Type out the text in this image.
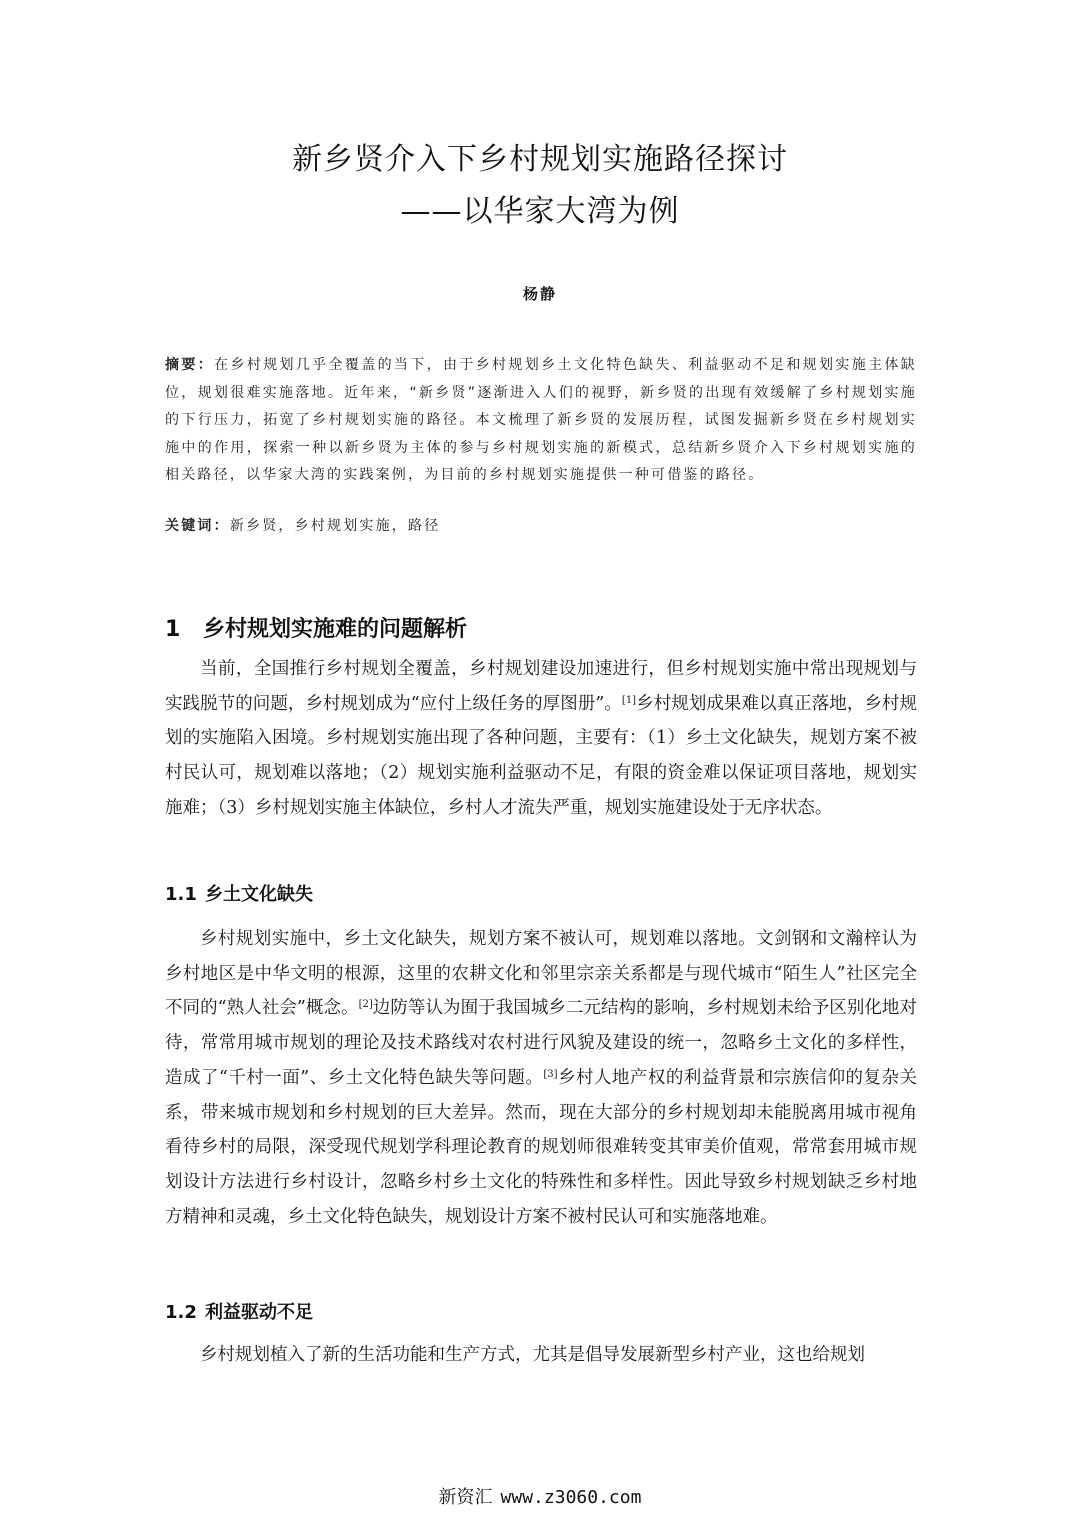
新乡贤介入下乡村规划实施路径探讨
——以华家大湾为例
杨静

摘要：在乡村规划几乎全覆盖的当下，由于乡村规划乡土文化特色缺失、利益驱动不足和规划实施主体缺位，规划很难实施落地。近年来，“新乡贤”逐渐进入人们的视野，新乡贤的出现有效缓解了乡村规划实施的下行压力，拓宽了乡村规划实施的路径。本文梳理了新乡贤的发展历程，试图发掘新乡贤在乡村规划实施中的作用，探索一种以新乡贤为主体的参与乡村规划实施的新模式，总结新乡贤介入下乡村规划实施的相关路径，以华家大湾的实践案例，为目前的乡村规划实施提供一种可借鉴的路径。

关键词：新乡贤，乡村规划实施，路径

1 乡村规划实施难的问题解析

当前，全国推行乡村规划全覆盖，乡村规划建设加速进行，但乡村规划实施中常出现规划与实践脱节的问题，乡村规划成为“应付上级任务的厚图册”。[1]乡村规划成果难以真正落地，乡村规划的实施陷入困境。乡村规划实施出现了各种问题，主要有：（1）乡土文化缺失，规划方案不被村民认可，规划难以落地；（2）规划实施利益驱动不足，有限的资金难以保证项目落地，规划实施难；（3）乡村规划实施主体缺位，乡村人才流失严重，规划实施建设处于无序状态。

1.1 乡土文化缺失

乡村规划实施中，乡土文化缺失，规划方案不被认可，规划难以落地。文剑钢和文瀚梓认为乡村地区是中华文明的根源，这里的农耕文化和邻里宗亲关系都是与现代城市“陌生人”社区完全不同的“熟人社会”概念。[2]边防等认为囿于我国城乡二元结构的影响，乡村规划未给予区别化地对待，常常用城市规划的理论及技术路线对农村进行风貌及建设的统一，忽略乡土文化的多样性，造成了“千村一面”、乡土文化特色缺失等问题。[3]乡村人地产权的利益背景和宗族信仰的复杂关系，带来城市规划和乡村规划的巨大差异。然而，现在大部分的乡村规划却未能脱离用城市视角看待乡村的局限，深受现代规划学科理论教育的规划师很难转变其审美价值观，常常套用城市规划设计方法进行乡村设计，忽略乡村乡土文化的特殊性和多样性。因此导致乡村规划缺乏乡村地方精神和灵魂，乡土文化特色缺失，规划设计方案不被村民认可和实施落地难。

1.2 利益驱动不足

乡村规划植入了新的生活功能和生产方式，尤其是倡导发展新型乡村产业，这也给规划

新资汇 www.z3060.com
